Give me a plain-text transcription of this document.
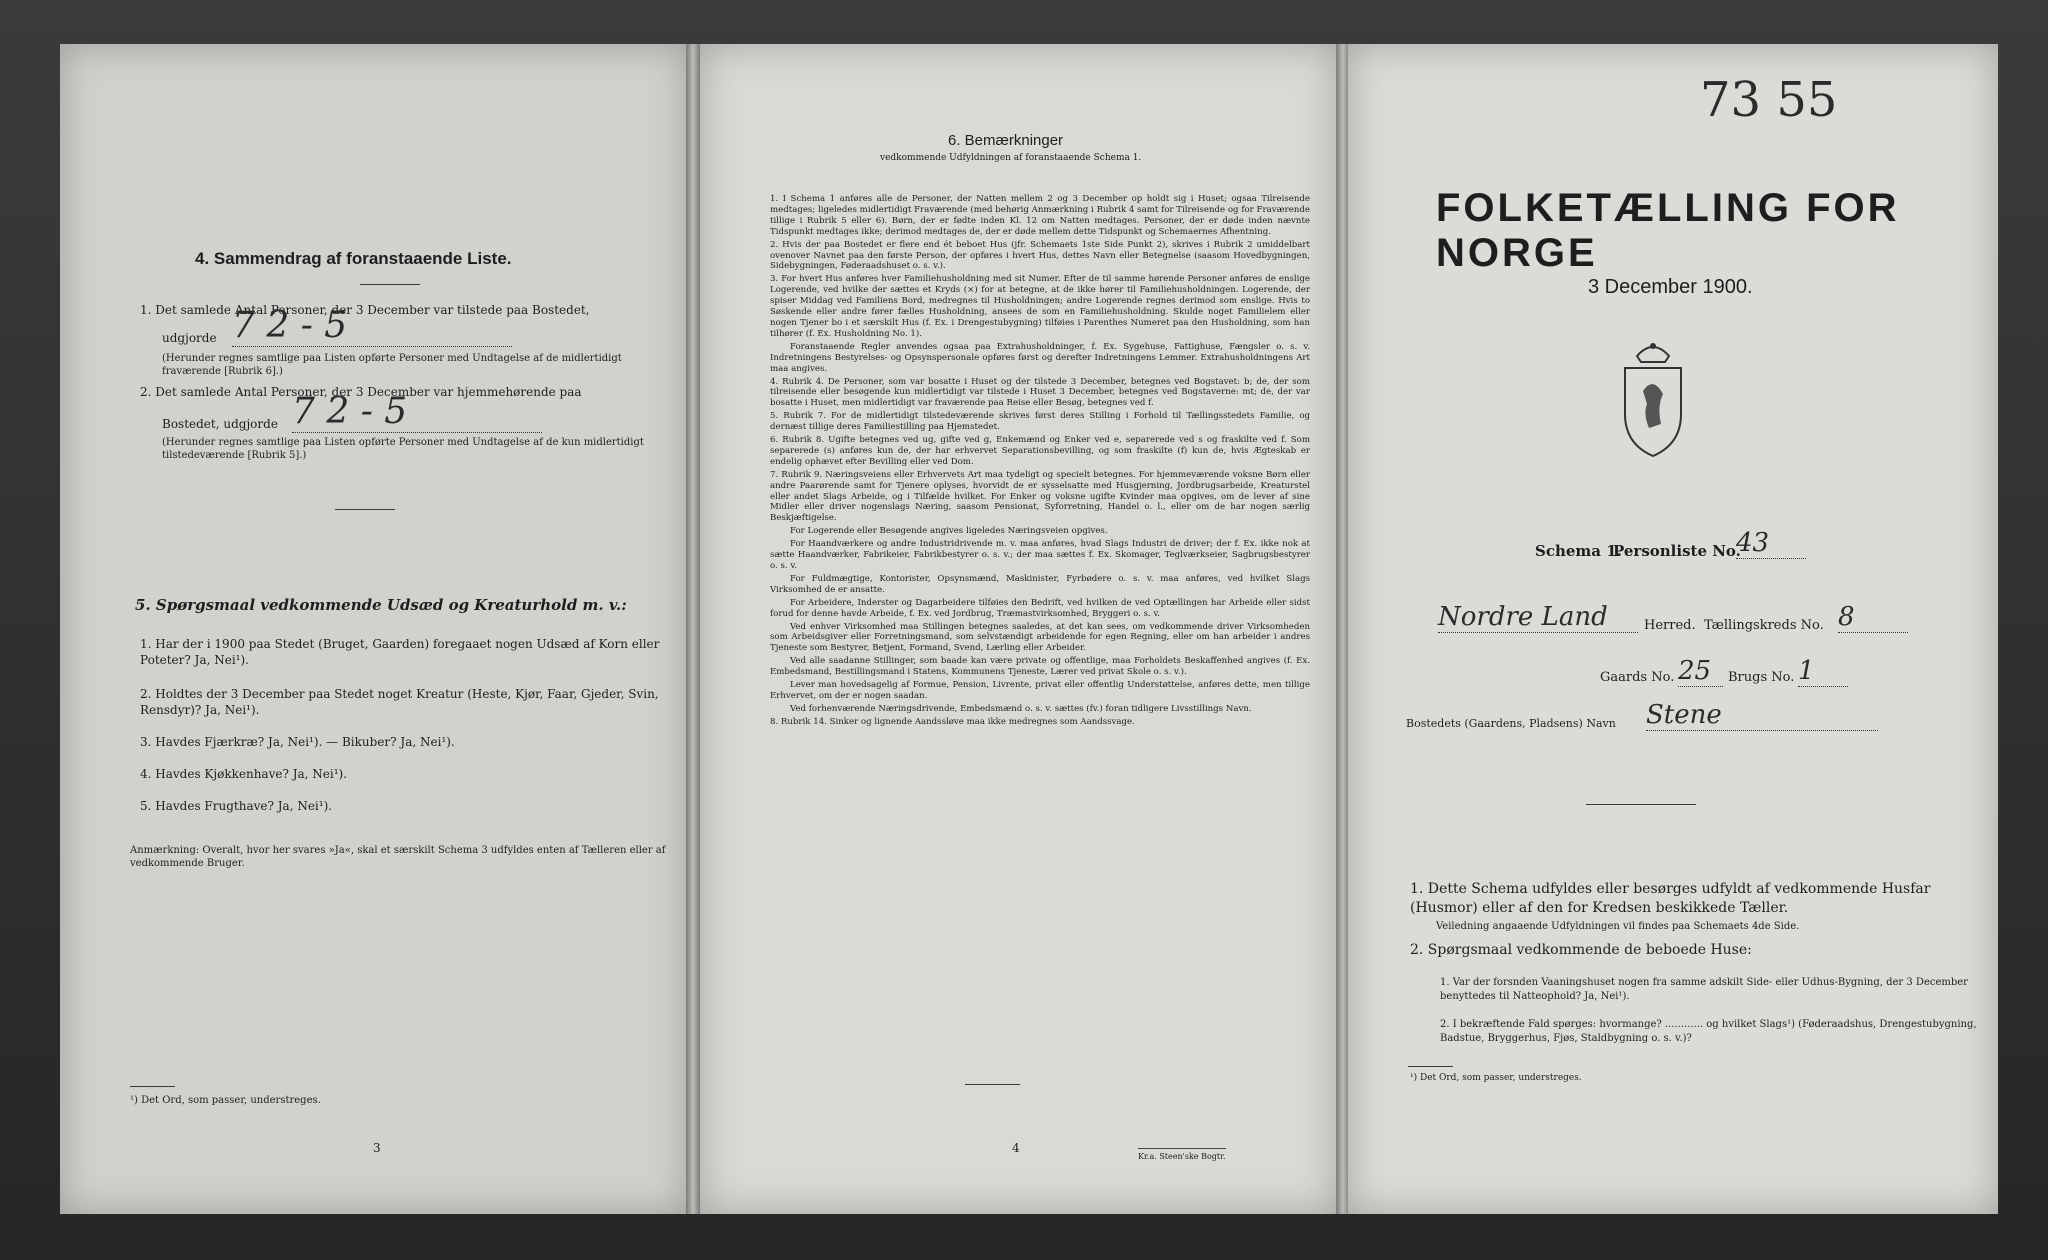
4. Sammendrag af foranstaaende Liste.
1. Det samlede Antal Personer, der 3 December var tilstede paa Bostedet,
udgjorde 7 2 - 5
(Herunder regnes samtlige paa Listen opførte Personer med Undtagelse af de midlertidigt fraværende [Rubrik 6].)
2. Det samlede Antal Personer, der 3 December var hjemmehørende paa
Bostedet, udgjorde 7 2 - 5
(Herunder regnes samtlige paa Listen opførte Personer med Undtagelse af de kun midlertidigt tilstedeværende [Rubrik 5].)
5. Spørgsmaal vedkommende Udsæd og Kreaturhold m. v.:
1. Har der i 1900 paa Stedet (Bruget, Gaarden) foregaaet nogen Udsæd af Korn eller Poteter? Ja, Nei¹).
2. Holdtes der 3 December paa Stedet noget Kreatur (Heste, Kjør, Faar, Gjeder, Svin, Rensdyr)? Ja, Nei¹).
3. Havdes Fjærkræ? Ja, Nei¹). — Bikuber? Ja, Nei¹).
4. Havdes Kjøkkenhave? Ja, Nei¹).
5. Havdes Frugthave? Ja, Nei¹).
Anmærkning: Overalt, hvor her svares »Ja«, skal et særskilt Schema 3 udfyldes enten af Tælleren eller af vedkommende Bruger.
¹) Det Ord, som passer, understreges.
3
6. Bemærkninger
vedkommende Udfyldningen af foranstaaende Schema 1.

1. I Schema 1 anføres alle de Personer, der Natten mellem 2 og 3 December op holdt sig i Huset; ogsaa Tilreisende medtages; ligeledes midlertidigt Fraværende (med behørig Anmærkning i Rubrik 4 samt for Tilreisende og for Fraværende tillige i Rubrik 5 eller 6). Børn, der er fødte inden Kl. 12 om Natten medtages. Personer, der er døde inden nævnte Tidspunkt medtages ikke; derimod medtages de, der er døde mellem dette Tidspunkt og Schemaernes Afhentning.

2. Hvis der paa Bostedet er flere end ét beboet Hus (jfr. Schemaets 1ste Side Punkt 2), skrives i Rubrik 2 umiddelbart ovenover Navnet paa den første Person, der opføres i hvert Hus, dettes Navn eller Betegnelse (saasom Hovedbygningen, Sidebygningen, Føderaadshuset o. s. v.).

3. For hvert Hus anføres hver Familiehusholdning med sit Numer. Efter de til samme hørende Personer anføres de enslige Logerende, ved hvilke der sættes et Kryds (×) for at betegne, at de ikke hører til Familiehusholdningen. Logerende, der spiser Middag ved Familiens Bord, medregnes til Husholdningen; andre Logerende regnes derimod som enslige. Hvis to Søskende eller andre fører fælles Husholdning, ansees de som en Familiehusholdning. Skulde noget Familielem eller nogen Tjener bo i et særskilt Hus (f. Ex. i Drengestubygning) tilføies i Parenthes Numeret paa den Husholdning, som han tilhører (f. Ex. Husholdning No. 1).

Foranstaaende Regler anvendes ogsaa paa Extrahusholdninger, f. Ex. Sygehuse, Fattighuse, Fængsler o. s. v. Indretningens Bestyrelses- og Opsynspersonale opføres først og derefter Indretningens Lemmer. Extrahusholdningens Art maa angives.

4. Rubrik 4. De Personer, som var bosatte i Huset og der tilstede 3 December, betegnes ved Bogstavet: b; de, der som tilreisende eller besøgende kun midlertidigt var tilstede i Huset 3 December, betegnes ved Bogstaverne: mt; de, der var bosatte i Huset, men midlertidigt var fraværende paa Reise eller Besøg, betegnes ved f.

5. Rubrik 7. For de midlertidigt tilstedeværende skrives først deres Stilling i Forhold til Tællingsstedets Familie, og dernæst tillige deres Familiestilling paa Hjemstedet.

6. Rubrik 8. Ugifte betegnes ved ug, gifte ved g, Enkemænd og Enker ved e, separerede ved s og fraskilte ved f. Som separerede (s) anføres kun de, der har erhvervet Separationsbevilling, og som fraskilte (f) kun de, hvis Ægteskab er endelig ophævet efter Bevilling eller ved Dom.

7. Rubrik 9. Næringsveiens eller Erhvervets Art maa tydeligt og specielt betegnes. For hjemmeværende voksne Børn eller andre Paarørende samt for Tjenere oplyses, hvorvidt de er sysselsatte med Husgjerning, Jordbrugsarbeide, Kreaturstel eller andet Slags Arbeide, og i Tilfælde hvilket. For Enker og voksne ugifte Kvinder maa opgives, om de lever af sine Midler eller driver nogenslags Næring, saasom Pensionat, Syforretning, Handel o. l., eller om de har nogen særlig Beskjæftigelse.

For Logerende eller Besøgende angives ligeledes Næringsveien opgives.

For Haandværkere og andre Industridrivende m. v. maa anføres, hvad Slags Industri de driver; der f. Ex. ikke nok at sætte Haandværker, Fabrikeier, Fabrikbestyrer o. s. v.; der maa sættes f. Ex. Skomager, Teglværkseier, Sagbrugsbestyrer o. s. v.

For Fuldmægtige, Kontorister, Opsynsmænd, Maskinister, Fyrbødere o. s. v. maa anføres, ved hvilket Slags Virksomhed de er ansatte.

For Arbeidere, Inderster og Dagarbeidere tilføies den Bedrift, ved hvilken de ved Optællingen har Arbeide eller sidst forud for denne havde Arbeide, f. Ex. ved Jordbrug, Træmastvirksomhed, Bryggeri o. s. v.

Ved enhver Virksomhed maa Stillingen betegnes saaledes, at det kan sees, om vedkommende driver Virksomheden som Arbeidsgiver eller Forretningsmand, som selvstændigt arbeidende for egen Regning, eller om han arbeider i andres Tjeneste som Bestyrer, Betjent, Formand, Svend, Lærling eller Arbeider.

Ved alle saadanne Stillinger, som baade kan være private og offentlige, maa Forholdets Beskaffenhed angives (f. Ex. Embedsmand, Bestillingsmand i Statens, Kommunens Tjeneste, Lærer ved privat Skole o. s. v.).

Lever man hovedsagelig af Formue, Pension, Livrente, privat eller offentlig Understøttelse, anføres dette, men tillige Erhvervet, om der er nogen saadan.

Ved forhenværende Næringsdrivende, Embedsmænd o. s. v. sættes (fv.) foran tidligere Livsstillings Navn.

8. Rubrik 14. Sinker og lignende Aandssløve maa ikke medregnes som Aandssvage.

4
Kr.a. Steen'ske Bogtr.
73 55
FOLKETÆLLING FOR NORGE
3 December 1900.
Schema 1.
Personliste No.
43
Nordre Land	Herred. Tællingskreds No. 8
Gaards No. 25	Brugs No. 1
Bostedets (Gaardens, Pladsens) Navn Stene
1. Dette Schema udfyldes eller besørges udfyldt af vedkommende Husfar (Husmor) eller af den for Kredsen beskikkede Tæller.
Veiledning angaaende Udfyldningen vil findes paa Schemaets 4de Side.
2. Spørgsmaal vedkommende de beboede Huse:
1. Var der forsnden Vaaningshuset nogen fra samme adskilt Side- eller Udhus-Bygning, der 3 December benyttedes til Natteophold? Ja, Nei¹).
2. I bekræftende Fald spørges: hvormange? ............ og hvilket Slags¹) (Føderaadshus, Drengestubygning, Badstue, Bryggerhus, Fjøs, Staldbygning o. s. v.)?
¹) Det Ord, som passer, understreges.
